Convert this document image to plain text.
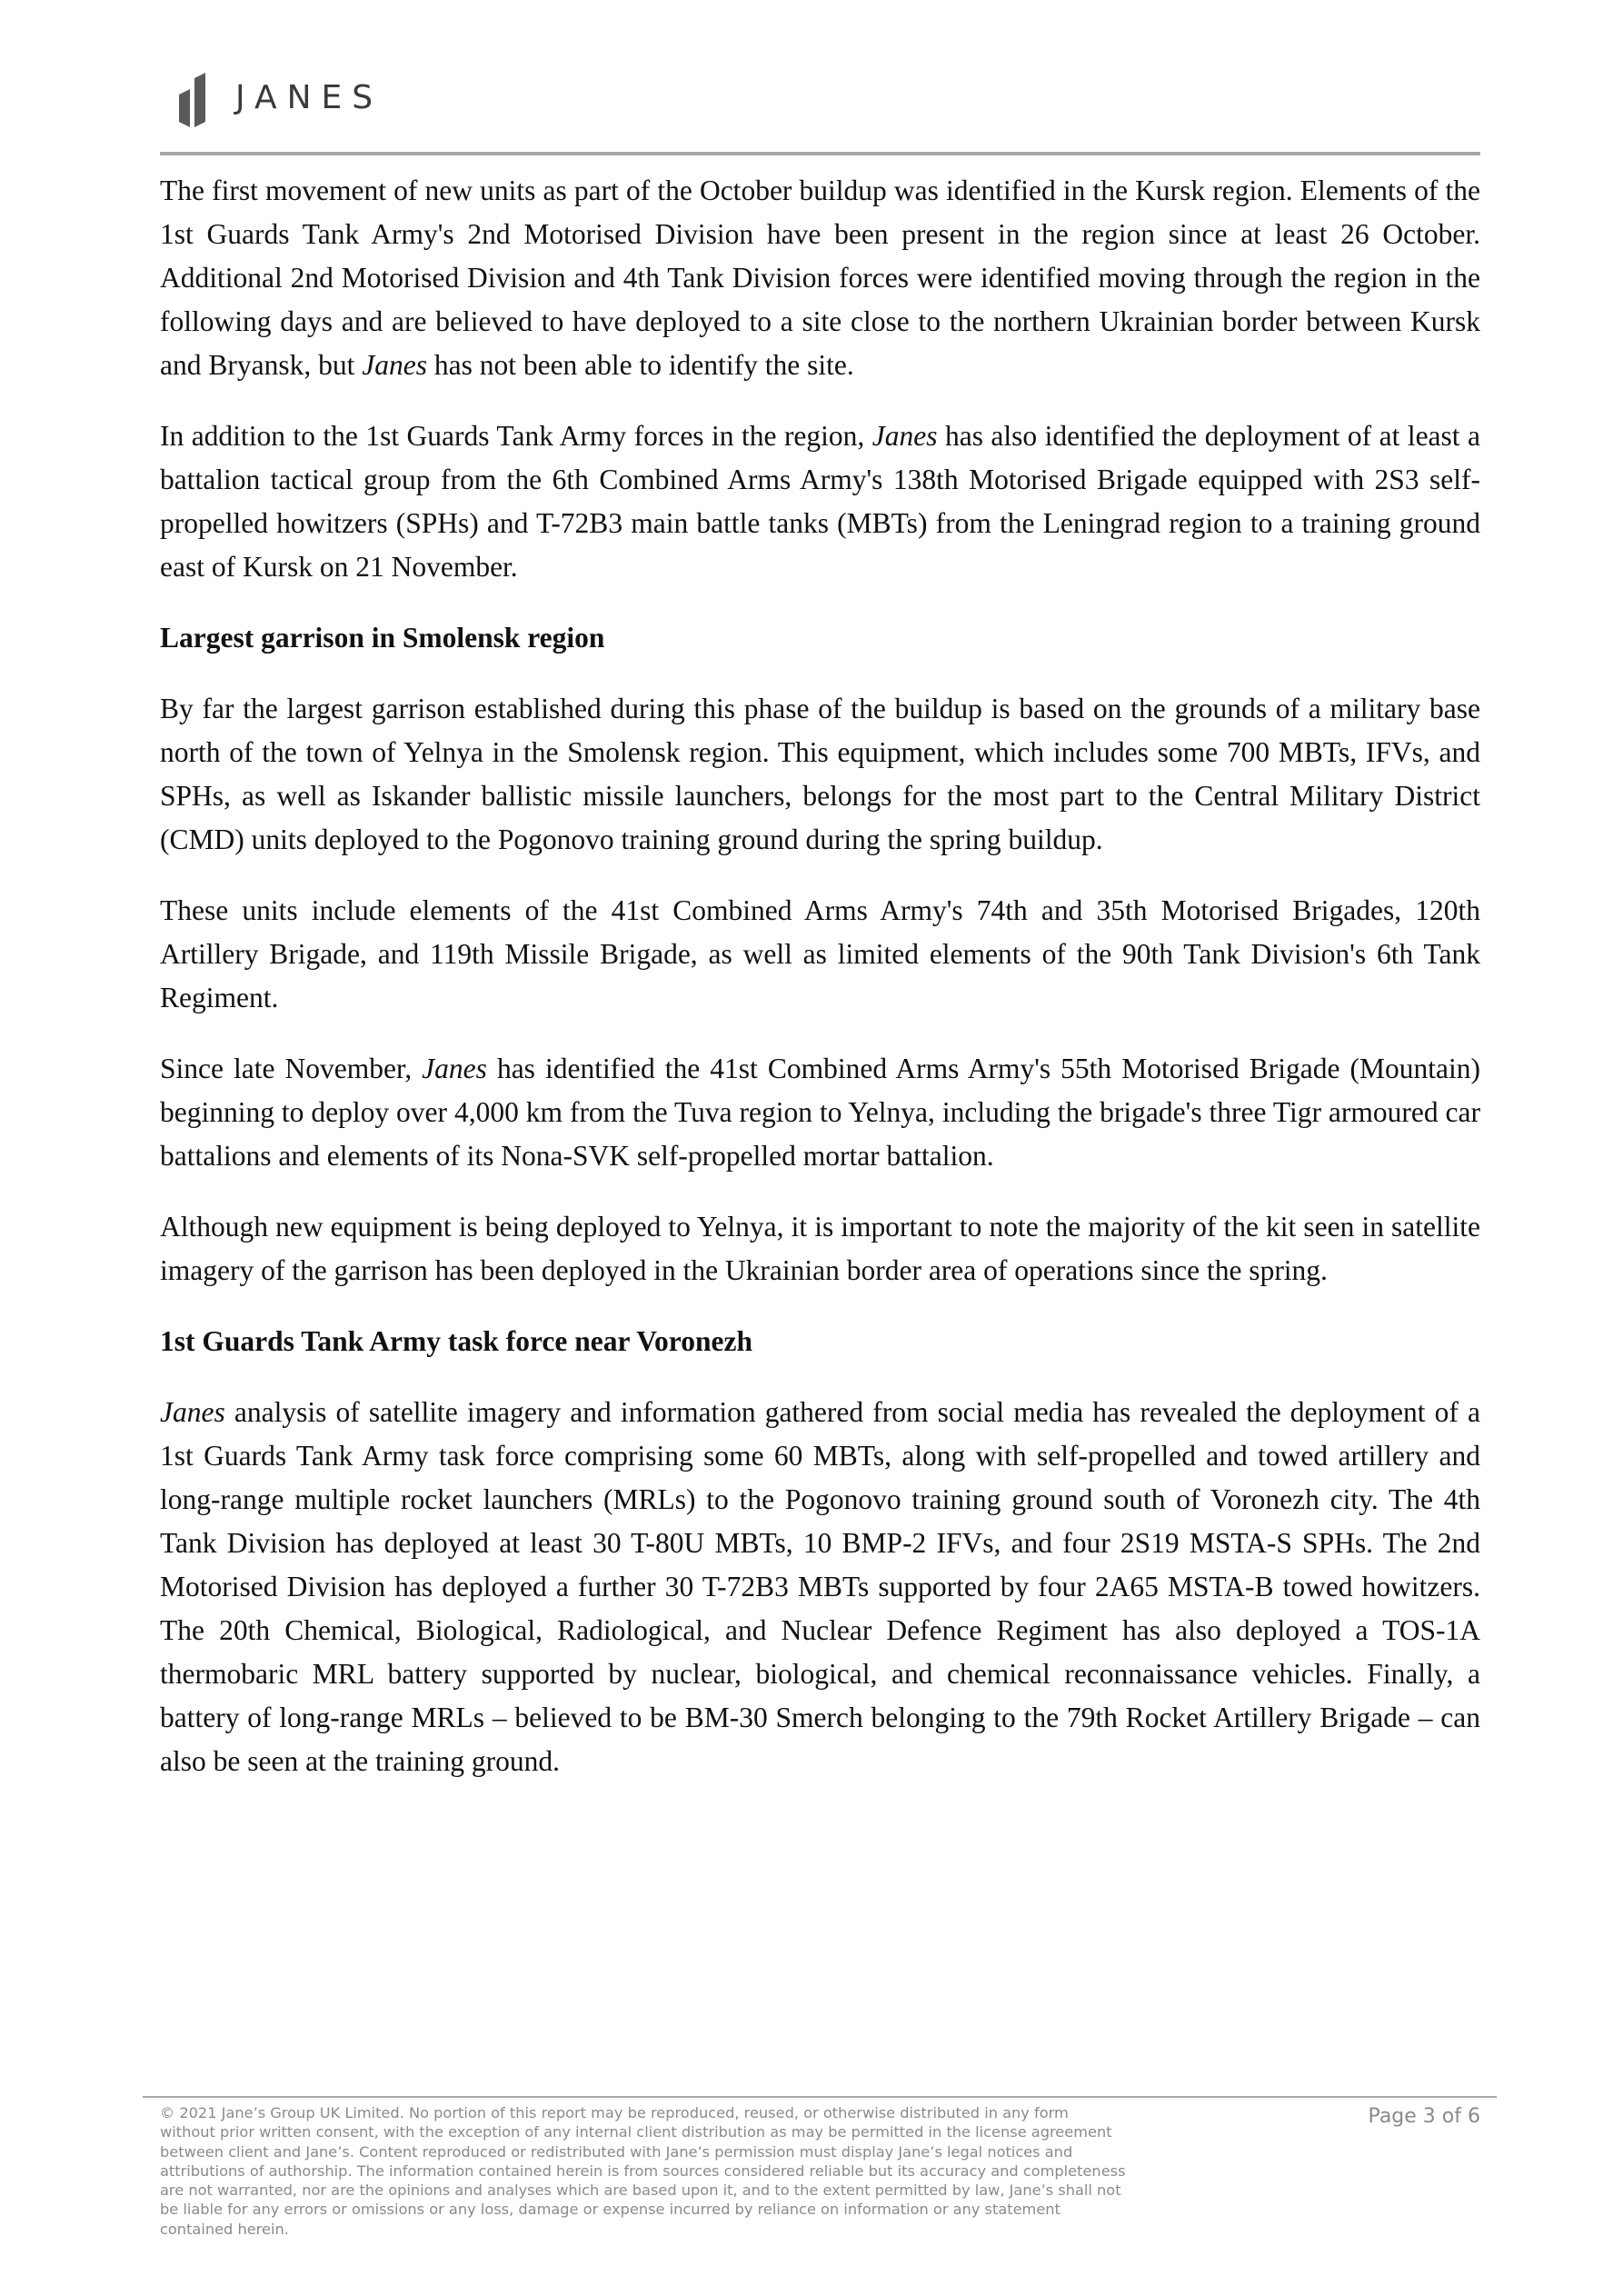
JANES

The first movement of new units as part of the October buildup was identified in the Kursk region. Elements of the 1st Guards Tank Army's 2nd Motorised Division have been present in the region since at least 26 October. Additional 2nd Motorised Division and 4th Tank Division forces were identified moving through the region in the following days and are believed to have deployed to a site close to the northern Ukrainian border between Kursk and Bryansk, but Janes has not been able to identify the site.

In addition to the 1st Guards Tank Army forces in the region, Janes has also identified the deployment of at least a battalion tactical group from the 6th Combined Arms Army's 138th Motorised Brigade equipped with 2S3 self-propelled howitzers (SPHs) and T-72B3 main battle tanks (MBTs) from the Leningrad region to a training ground east of Kursk on 21 November.

Largest garrison in Smolensk region

By far the largest garrison established during this phase of the buildup is based on the grounds of a military base north of the town of Yelnya in the Smolensk region. This equipment, which includes some 700 MBTs, IFVs, and SPHs, as well as Iskander ballistic missile launchers, belongs for the most part to the Central Military District (CMD) units deployed to the Pogonovo training ground during the spring buildup.

These units include elements of the 41st Combined Arms Army's 74th and 35th Motorised Brigades, 120th Artillery Brigade, and 119th Missile Brigade, as well as limited elements of the 90th Tank Division's 6th Tank Regiment.

Since late November, Janes has identified the 41st Combined Arms Army's 55th Motorised Brigade (Mountain) beginning to deploy over 4,000 km from the Tuva region to Yelnya, including the brigade's three Tigr armoured car battalions and elements of its Nona-SVK self-propelled mortar battalion.

Although new equipment is being deployed to Yelnya, it is important to note the majority of the kit seen in satellite imagery of the garrison has been deployed in the Ukrainian border area of operations since the spring.

1st Guards Tank Army task force near Voronezh

Janes analysis of satellite imagery and information gathered from social media has revealed the deployment of a 1st Guards Tank Army task force comprising some 60 MBTs, along with self-propelled and towed artillery and long-range multiple rocket launchers (MRLs) to the Pogonovo training ground south of Voronezh city. The 4th Tank Division has deployed at least 30 T-80U MBTs, 10 BMP-2 IFVs, and four 2S19 MSTA-S SPHs. The 2nd Motorised Division has deployed a further 30 T-72B3 MBTs supported by four 2A65 MSTA-B towed howitzers. The 20th Chemical, Biological, Radiological, and Nuclear Defence Regiment has also deployed a TOS-1A thermobaric MRL battery supported by nuclear, biological, and chemical reconnaissance vehicles. Finally, a battery of long-range MRLs – believed to be BM-30 Smerch belonging to the 79th Rocket Artillery Brigade – can also be seen at the training ground.

© 2021 Jane’s Group UK Limited. No portion of this report may be reproduced, reused, or otherwise distributed in any form
without prior written consent, with the exception of any internal client distribution as may be permitted in the license agreement
between client and Jane’s. Content reproduced or redistributed with Jane’s permission must display Jane’s legal notices and
attributions of authorship. The information contained herein is from sources considered reliable but its accuracy and completeness
are not warranted, nor are the opinions and analyses which are based upon it, and to the extent permitted by law, Jane’s shall not
be liable for any errors or omissions or any loss, damage or expense incurred by reliance on information or any statement
contained herein.
Page 3 of 6
